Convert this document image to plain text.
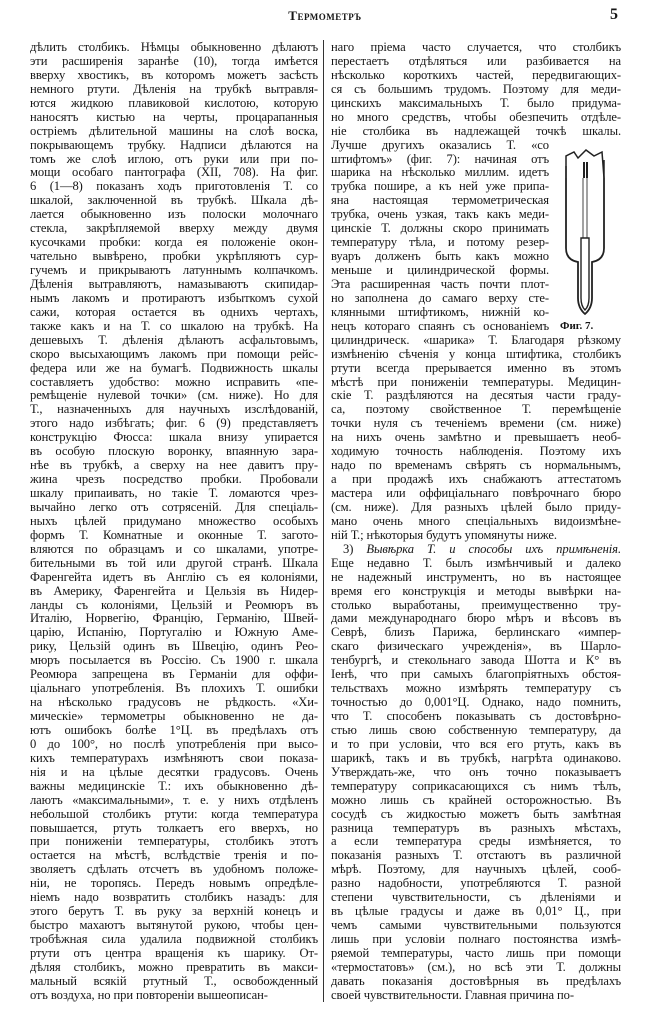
Термометръ	5
дѣлить столбикъ. Нѣмцы обыкновенно дѣлаютъ
эти расширенія заранѣе (10), тогда имѣется
вверху хвостикъ, въ которомъ можетъ засѣсть
немного ртути. Дѣленія на трубкѣ вытравля-
ются жидкою плавиковой кислотою, которую
наносятъ кистью на черты, процарапанныя
остріемъ дѣлительной машины на слоѣ воска,
покрывающемъ трубку. Надписи дѣлаются на
томъ же слоѣ иглою, отъ руки или при по-
мощи особаго пантографа (XII, 708). На фиг.
6 (1—8) показанъ ходъ приготовленія Т. со
шкалой, заключенной въ трубкѣ. Шкала дѣ-
лается обыкновенно изъ полоски молочнаго
стекла, закрѣпляемой вверху между двумя
кусочками пробки: когда ея положеніе окон-
чательно вывѣрено, пробки укрѣпляютъ сур-
гучемъ и прикрываютъ латуннымъ колпачкомъ.
Дѣленія вытравляютъ, намазываютъ скипидар-
нымъ лакомъ и протираютъ избыткомъ сухой
сажи, которая остается въ однихъ чертахъ,
также какъ и на Т. со шкалою на трубкѣ. На
дешевыхъ Т. дѣленія дѣлаютъ асфальтовымъ,
скоро высыхающимъ лакомъ при помощи рейс-
федера или же на бумагѣ. Подвижность шкалы
составляетъ удобство: можно исправить «пе-
ремѣщеніе нулевой точки» (см. ниже). Но для
Т., назначенныхъ для научныхъ изслѣдованій,
этого надо избѣгать; фиг. 6 (9) представляетъ
конструкцію Фюсса: шкала внизу упирается
въ особую плоскую воронку, впаянную зара-
нѣе въ трубкѣ, а сверху на нее давитъ пру-
жина чрезъ посредство пробки. Пробовали
шкалу припаивать, но такіе Т. ломаются чрез-
вычайно легко отъ сотрясеній. Для спеціаль-
ныхъ цѣлей придумано множество особыхъ
формъ Т. Комнатные и оконные Т. загото-
вляются по образцамъ и со шкалами, употре-
бительными въ той или другой странѣ. Шкала
Фаренгейта идетъ въ Англію съ ея колоніями,
въ Америку, Фаренгейта и Цельзія въ Нидер-
ланды съ колоніями, Цельзій и Реомюръ въ
Италію, Норвегію, Францію, Германію, Швей-
царію, Испанію, Португалію и Южную Аме-
рику, Цельзій одинъ въ Швецію, одинъ Рео-
мюръ посылается въ Россію. Съ 1900 г. шкала
Реомюра запрещена въ Германіи для оффи-
ціальнаго употребленія. Въ плохихъ Т. ошибки
на нѣсколько градусовъ не рѣдкость. «Хи-
мическіе» термометры обыкновенно не да-
ютъ ошибокъ болѣе 1°Ц. въ предѣлахъ отъ
0 до 100°, но послѣ употребленія при высо-
кихъ температурахъ измѣняютъ свои показа-
нія и на цѣлые десятки градусовъ. Очень
важны медицинскіе Т.: ихъ обыкновенно дѣ-
лаютъ «максимальными», т. е. у нихъ отдѣленъ
небольшой столбикъ ртути: когда температура
повышается, ртуть толкаетъ его вверхъ, но
при пониженіи температуры, столбикъ этотъ
остается на мѣстѣ, вслѣдствіе тренія и по-
зволяетъ сдѣлать отсчетъ въ удобномъ положе-
ніи, не торопясь. Передъ новымъ опредѣле-
ніемъ надо возвратить столбикъ назадъ: для
этого берутъ Т. въ руку за верхній конецъ и
быстро махаютъ вытянутой рукою, чтобы цен-
тробѣжная сила удалила подвижной столбикъ
ртути отъ центра вращенія къ шарику. От-
дѣляя столбикъ, можно превратить въ макси-
мальный всякій ртутный Т., освобожденный
отъ воздуха, но при повтореніи вышеописан-
наго пріема часто случается, что столбикъ
перестаетъ отдѣляться или разбивается на
нѣсколько короткихъ частей, передвигающих-
ся съ большимъ трудомъ. Поэтому для меди-
цинскихъ максимальныхъ Т. было придума-
но много средствъ, чтобы обезпечить отдѣле-
ніе столбика въ надлежащей точкѣ шкалы.
Лучше другихъ оказались Т. «со
штифтомъ» (фиг. 7): начиная отъ
шарика на нѣсколько миллим. идетъ
трубка пошире, а къ ней уже припа-
яна настоящая термометрическая
трубка, очень узкая, такъ какъ меди-
цинскіе Т. должны скоро принимать
температуру тѣла, и потому резер-
вуаръ долженъ быть какъ можно
меньше и цилиндрической формы.
Эта расширенная часть почти плот-
но заполнена до самаго верху сте-
клянными штифтикомъ, нижній ко-
нецъ котораго спаянъ съ основаніемъ
цилиндрическ. «шарика» Т. Благодаря рѣзкому
измѣненію сѣченія у конца штифтика, столбикъ
ртути всегда прерывается именно въ этомъ
мѣстѣ при пониженіи температуры. Медицин-
скіе Т. раздѣляются на десятыя части граду-
са, поэтому свойственное Т. перемѣщеніе
точки нуля съ теченіемъ времени (см. ниже)
на нихъ очень замѣтно и превышаетъ необ-
ходимую точность наблюденія. Поэтому ихъ
надо по временамъ свѣрять съ нормальнымъ,
а при продажѣ ихъ снабжаютъ аттестатомъ
мастера или оффиціальнаго повѣрочнаго бюро
(см. ниже). Для разныхъ цѣлей было приду-
мано очень много спеціальныхъ видоизмѣне-
ній Т.; нѣкоторыя будутъ упомянуты ниже.
3) Вывѣрка Т. и способы ихъ примѣненія.
Еще недавно Т. былъ измѣнчивый и далеко
не надежный инструментъ, но въ настоящее
время его конструкція и методы вывѣрки на-
столько выработаны, преимущественно тру-
дами международнаго бюро мѣръ и вѣсовъ въ
Севрѣ, близъ Парижа, берлинскаго «импер-
скаго физическаго учрежденія», въ Шарло-
тенбургѣ, и стекольнаго завода Шотта и К° въ
Іенѣ, что при самыхъ благопріятныхъ обстоя-
тельствахъ можно измѣрять температуру съ
точностью до 0,001°Ц. Однако, надо помнить,
что Т. способенъ показывать съ достовѣрно-
стью лишь свою собственную температуру, да
и то при условіи, что вся его ртуть, какъ въ
шарикѣ, такъ и въ трубкѣ, нагрѣта одинаково.
Утверждать-же, что онъ точно показываетъ
температуру соприкасающихся съ нимъ тѣлъ,
можно лишь съ крайней осторожностью. Въ
сосудѣ съ жидкостью можетъ быть замѣтная
разница температуръ въ разныхъ мѣстахъ,
а если температура среды измѣняется, то
показанія разныхъ Т. отстаютъ въ различной
мѣрѣ. Поэтому, для научныхъ цѣлей, сооб-
разно надобности, употребляются Т. разной
степени чувствительности, съ дѣленіями и
въ цѣлые градусы и даже въ 0,01° Ц., при
чемъ самыми чувствительными пользуются
лишь при условіи полнаго постоянства измѣ-
ряемой температуры, часто лишь при помощи
«термостатовъ» (см.), но всѣ эти Т. должны
давать показанія достовѣрныя въ предѣлахъ
своей чувствительности. Главная причина по-
Фиг. 7.
